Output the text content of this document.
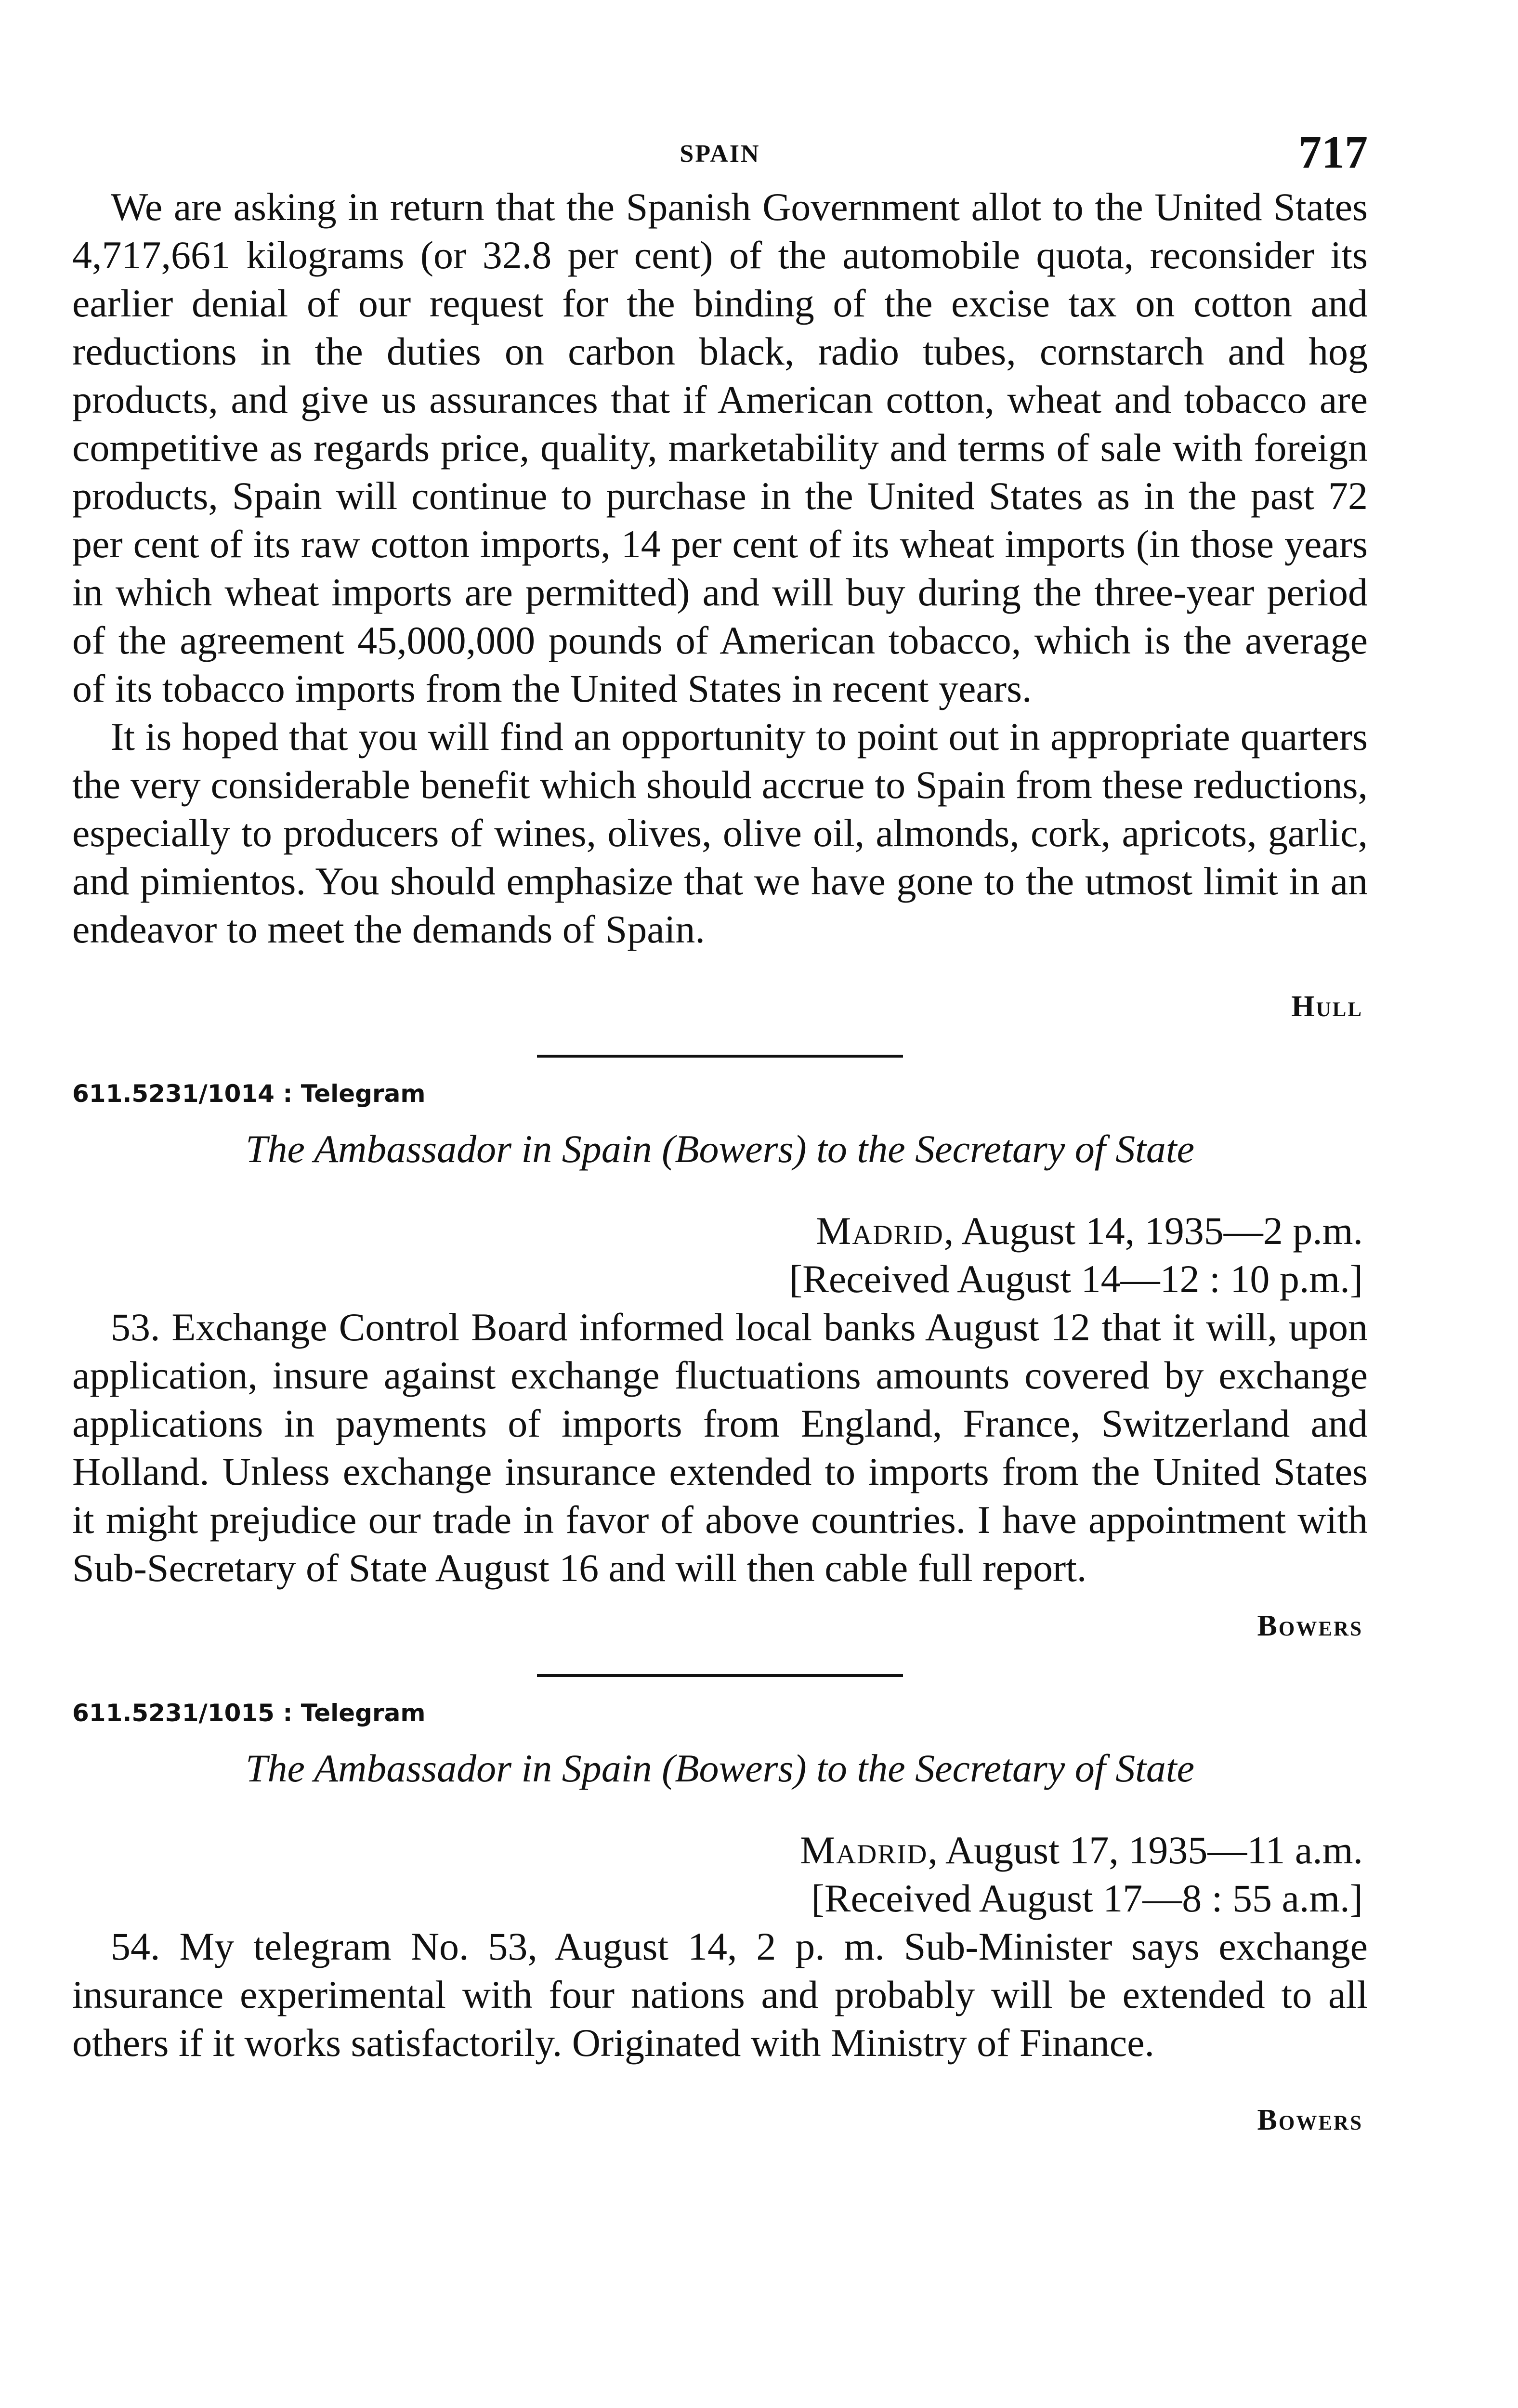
SPAIN	717

We are asking in return that the Spanish Government allot to the United States 4,717,661 kilograms (or 32.8 per cent) of the automobile quota, reconsider its earlier denial of our request for the binding of the excise tax on cotton and reductions in the duties on carbon black, radio tubes, cornstarch and hog products, and give us assurances that if American cotton, wheat and tobacco are competitive as regards price, quality, marketability and terms of sale with foreign products, Spain will continue to purchase in the United States as in the past 72 per cent of its raw cotton imports, 14 per cent of its wheat imports (in those years in which wheat imports are permitted) and will buy during the three-year period of the agreement 45,000,000 pounds of American tobacco, which is the average of its tobacco imports from the United States in recent years.

It is hoped that you will find an opportunity to point out in appropriate quarters the very considerable benefit which should accrue to Spain from these reductions, especially to producers of wines, olives, olive oil, almonds, cork, apricots, garlic, and pimientos. You should emphasize that we have gone to the utmost limit in an endeavor to meet the demands of Spain.

Hull
611.5231/1014 : Telegram
The Ambassador in Spain (Bowers) to the Secretary of State
Madrid, August 14, 1935—2 p.m.
[Received August 14—12 : 10 p.m.]

53. Exchange Control Board informed local banks August 12 that it will, upon application, insure against exchange fluctuations amounts covered by exchange applications in payments of imports from England, France, Switzerland and Holland. Unless exchange insurance extended to imports from the United States it might prejudice our trade in favor of above countries. I have appointment with Sub-Secretary of State August 16 and will then cable full report.

Bowers
611.5231/1015 : Telegram
The Ambassador in Spain (Bowers) to the Secretary of State
Madrid, August 17, 1935—11 a.m.
[Received August 17—8 : 55 a.m.]

54. My telegram No. 53, August 14, 2 p. m. Sub-Minister says exchange insurance experimental with four nations and probably will be extended to all others if it works satisfactorily. Originated with Ministry of Finance.

Bowers
